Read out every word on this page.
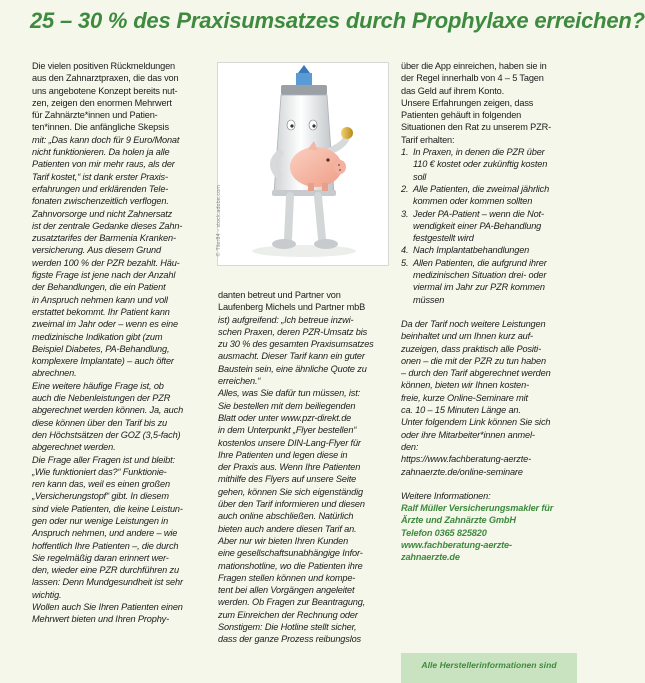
25 – 30 % des Praxisumsatzes durch Prophylaxe erreichen?

Die vielen positiven Rückmeldungen

aus den Zahnarztpraxen, die das von

uns angebotene Konzept bereits nut-

zen, zeigen den enormen Mehrwert

für Zahnärzte*innen und Patien-

ten*innen. Die anfängliche Skepsis

mit: „Das kann doch für 9 Euro/Monat

nicht funktionieren. Da holen ja alle

Patienten von mir mehr raus, als der

Tarif kostet,“ ist dank erster Praxis-

erfahrungen und erklärenden Tele-

fonaten zwischenzeitlich verflogen.

Zahnvorsorge und nicht Zahnersatz

ist der zentrale Gedanke dieses Zahn-

zusatztarifes der Barmenia Kranken-

versicherung. Aus diesem Grund

werden 100 % der PZR bezahlt. Häu-

figste Frage ist jene nach der Anzahl

der Behandlungen, die ein Patient

in Anspruch nehmen kann und voll

erstattet bekommt. Ihr Patient kann

zweimal im Jahr oder – wenn es eine

medizinische Indikation gibt (zum

Beispiel Diabetes, PA-Behandlung,

komplexere Implantate) – auch öfter

abrechnen.

Eine weitere häufige Frage ist, ob

auch die Nebenleistungen der PZR

abgerechnet werden können. Ja, auch

diese können über den Tarif bis zu

den Höchstsätzen der GOZ (3,5-fach)

abgerechnet werden.

Die Frage aller Fragen ist und bleibt:

„Wie funktioniert das?“ Funktionie-

ren kann das, weil es einen großen

„Versicherungstopf“ gibt. In diesem

sind viele Patienten, die keine Leistun-

gen oder nur wenige Leistungen in

Anspruch nehmen, und andere – wie

hoffentlich Ihre Patienten –, die durch

Sie regelmäßig daran erinnert wer-

den, wieder eine PZR durchführen zu

lassen: Denn Mundgesundheit ist sehr

wichtig.

Wollen auch Sie Ihren Patienten einen

Mehrwert bieten und Ihren Prophy-

© Tiler84 – stock.adobe.com

danten betreut und Partner von

Laufenberg Michels und Partner mbB

ist) aufgreifend: „Ich betreue inzwi-

schen Praxen, deren PZR-Umsatz bis

zu 30 % des gesamten Praxisumsatzes

ausmacht. Dieser Tarif kann ein guter

Baustein sein, eine ähnliche Quote zu

erreichen.“

Alles, was Sie dafür tun müssen, ist:

Sie bestellen mit dem beiliegenden

Blatt oder unter www.pzr-direkt.de

in dem Unterpunkt „Flyer bestellen“

kostenlos unsere DIN-Lang-Flyer für

Ihre Patienten und legen diese in

der Praxis aus. Wenn Ihre Patienten

mithilfe des Flyers auf unsere Seite

gehen, können Sie sich eigenständig

über den Tarif informieren und diesen

auch online abschließen. Natürlich

bieten auch andere diesen Tarif an.

Aber nur wir bieten Ihren Kunden

eine gesellschaftsunabhängige Infor-

mationshotline, wo die Patienten ihre

Fragen stellen können und kompe-

tent bei allen Vorgängen angeleitet

werden. Ob Fragen zur Beantragung,

zum Einreichen der Rechnung oder

Sonstigem: Die Hotline stellt sicher,

dass der ganze Prozess reibungslos

über die App einreichen, haben sie in

der Regel innerhalb von 4 – 5 Tagen

das Geld auf ihrem Konto.

Unsere Erfahrungen zeigen, dass

Patienten gehäuft in folgenden

Situationen den Rat zu unserem PZR-

Tarif erhalten:

1. In Praxen, in denen die PZR über
110 € kostet oder zukünftig kosten
soll
2. Alle Patienten, die zweimal jährlich
kommen oder kommen sollten
3. Jeder PA-Patient – wenn die Not-
wendigkeit einer PA-Behandlung
festgestellt wird
4. Nach Implantatbehandlungen
5. Allen Patienten, die aufgrund ihrer
medizinischen Situation drei- oder
viermal im Jahr zur PZR kommen
müssen

Da der Tarif noch weitere Leistungen

beinhaltet und um Ihnen kurz auf-

zuzeigen, dass praktisch alle Positi-

onen – die mit der PZR zu tun haben

– durch den Tarif abgerechnet werden

können, bieten wir Ihnen kosten-

freie, kurze Online-Seminare mit

ca. 10 – 15 Minuten Länge an.

Unter folgendem Link können Sie sich

oder ihre Mitarbeiter*innen anmel-

den:

https://www.fachberatung-aerzte-

zahnaerzte.de/online-seminare

Weitere Informationen:

Ralf Müller Versicherungsmakler für

Ärzte und Zahnärzte GmbH

Telefon 0365 825820

www.fachberatung-aerzte-

zahnaerzte.de

Alle Herstellerinformationen sind
